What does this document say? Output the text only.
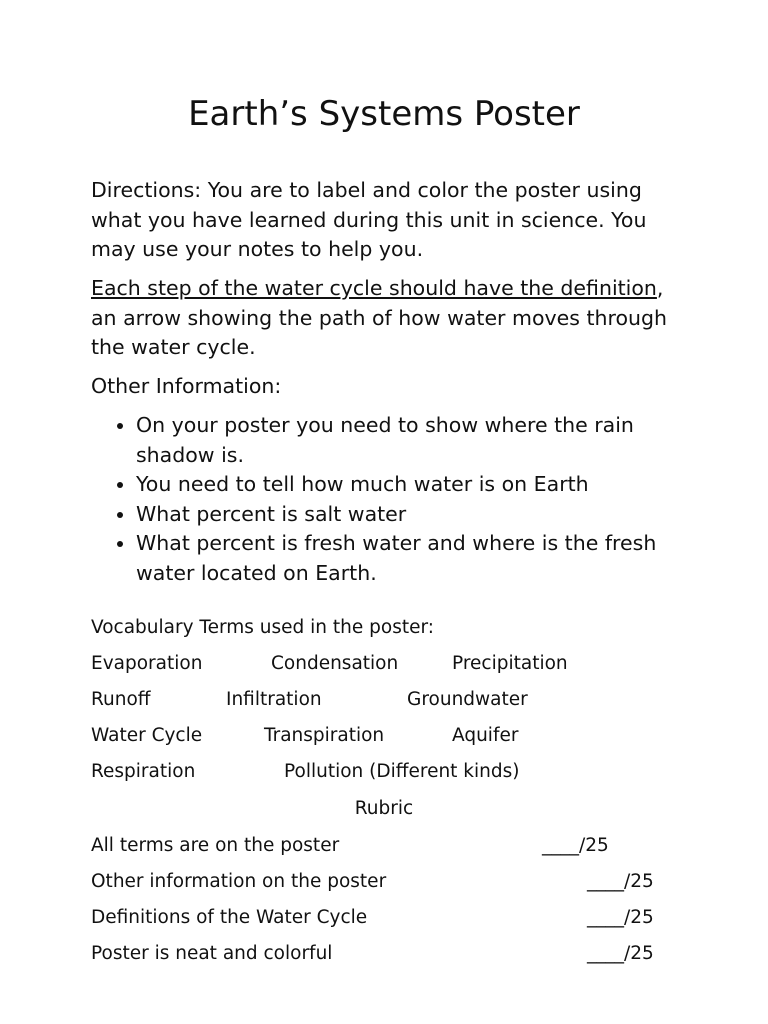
Earth’s Systems Poster

Directions: You are to label and color the poster using what you have learned during this unit in science. You may use your notes to help you.

Each step of the water cycle should have the definition, an arrow showing the path of how water moves through the water cycle.

Other Information:

• On your poster you need to show where the rain shadow is.
• You need to tell how much water is on Earth
• What percent is salt water
• What percent is fresh water and where is the fresh water located on Earth.

Vocabulary Terms used in the poster:

Evaporation	Condensation	Precipitation
Runoff	Infiltration	Groundwater
Water Cycle	Transpiration	Aquifer
Respiration	Pollution (Different kinds)
Rubric
All terms are on the poster	____/25
Other information on the poster	____/25
Definitions of the Water Cycle	____/25
Poster is neat and colorful	____/25
